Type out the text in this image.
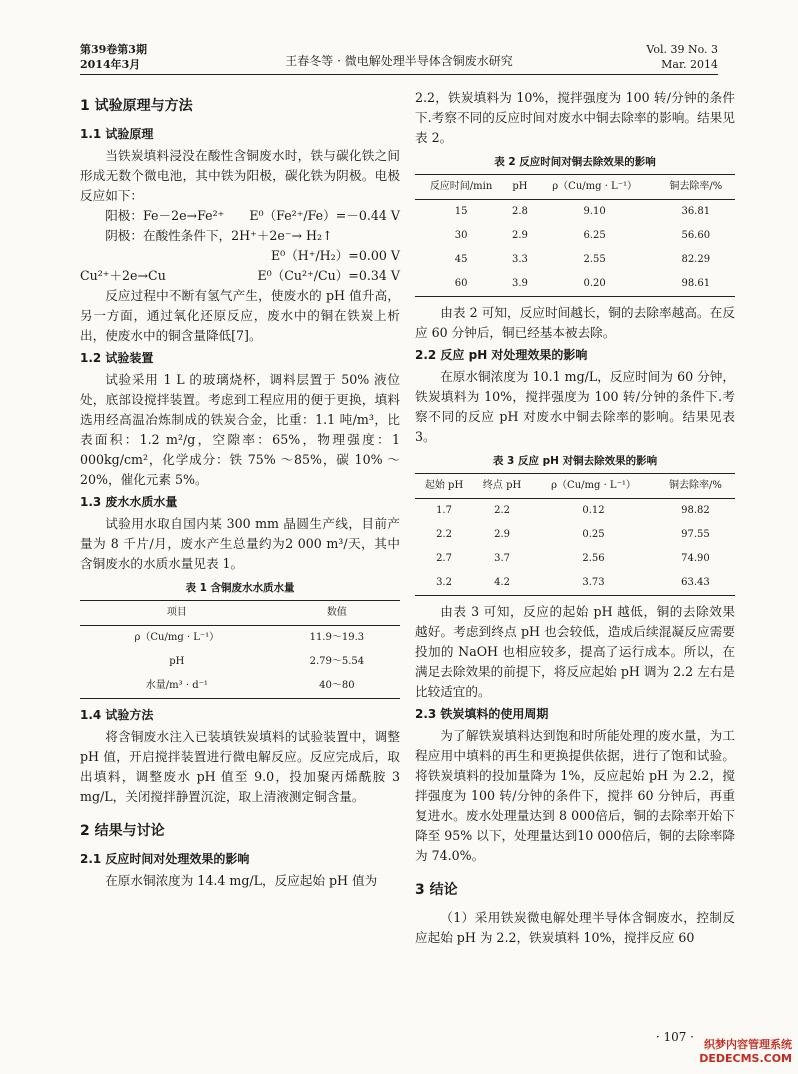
第39卷第3期
2014年3月	王春冬等 · 微电解处理半导体含铜废水研究
Vol. 39 No. 3
Mar. 2014
1 试验原理与方法
1.1 试验原理

当铁炭填料浸没在酸性含铜废水时，铁与碳化铁之间形成无数个微电池，其中铁为阳极，碳化铁为阴极。电极反应如下：

阳极：Fe－2e→Fe²⁺ E⁰（Fe²⁺/Fe）=－0.44 V
阴极：在酸性条件下，2H⁺＋2e⁻→ H₂↑
E⁰（H⁺/H₂）=0.00 V
Cu²⁺＋2e→Cu	E⁰（Cu²⁺/Cu）=0.34 V

反应过程中不断有氢气产生，使废水的 pH 值升高，另一方面，通过氧化还原反应，废水中的铜在铁炭上析出，使废水中的铜含量降低[7]。

1.2 试验装置

试验采用 1 L 的玻璃烧杯，调料层置于 50% 液位处，底部设搅拌装置。考虑到工程应用的便于更换，填料选用经高温冶炼制成的铁炭合金，比重：1.1 吨/m³，比表面积：1.2 m²/g，空隙率：65%，物理强度：1 000kg/cm²，化学成分：铁 75% ～85%，碳 10% ～20%，催化元素 5%。

1.3 废水水质水量

试验用水取自国内某 300 mm 晶圆生产线，目前产量为 8 千片/月，废水产生总量约为2 000 m³/天，其中含铜废水的水质水量见表 1。

表 1 含铜废水水质水量
项目	数值
ρ（Cu/mg · L⁻¹）	11.9～19.3
pH	2.79～5.54
水量/m³ · d⁻¹	40～80
1.4 试验方法

将含铜废水注入已装填铁炭填料的试验装置中，调整 pH 值，开启搅拌装置进行微电解反应。反应完成后，取出填料，调整废水 pH 值至 9.0，投加聚丙烯酰胺 3 mg/L，关闭搅拌静置沉淀，取上清液测定铜含量。

2 结果与讨论
2.1 反应时间对处理效果的影响

在原水铜浓度为 14.4 mg/L，反应起始 pH 值为

2.2，铁炭填料为 10%，搅拌强度为 100 转/分钟的条件下.考察不同的反应时间对废水中铜去除率的影响。结果见表 2。

表 2 反应时间对铜去除效果的影响
反应时间/min	pH	ρ（Cu/mg · L⁻¹）	铜去除率/%
15	2.8	9.10	36.81
30	2.9	6.25	56.60
45	3.3	2.55	82.29
60	3.9	0.20	98.61

由表 2 可知，反应时间越长，铜的去除率越高。在反应 60 分钟后，铜已经基本被去除。

2.2 反应 pH 对处理效果的影响

在原水铜浓度为 10.1 mg/L，反应时间为 60 分钟，铁炭填料为 10%，搅拌强度为 100 转/分钟的条件下.考察不同的反应 pH 对废水中铜去除率的影响。结果见表 3。

表 3 反应 pH 对铜去除效果的影响
起始 pH	终点 pH	ρ（Cu/mg · L⁻¹）	铜去除率/%
1.7	2.2	0.12	98.82
2.2	2.9	0.25	97.55
2.7	3.7	2.56	74.90
3.2	4.2	3.73	63.43

由表 3 可知，反应的起始 pH 越低，铜的去除效果越好。考虑到终点 pH 也会较低，造成后续混凝反应需要投加的 NaOH 也相应较多，提高了运行成本。所以，在满足去除效果的前提下，将反应起始 pH 调为 2.2 左右是比较适宜的。

2.3 铁炭填料的使用周期

为了解铁炭填料达到饱和时所能处理的废水量，为工程应用中填料的再生和更换提供依据，进行了饱和试验。将铁炭填料的投加量降为 1%，反应起始 pH 为 2.2，搅拌强度为 100 转/分钟的条件下，搅拌 60 分钟后，再重复进水。废水处理量达到 8 000倍后，铜的去除率开始下降至 95% 以下，处理量达到10 000倍后，铜的去除率降为 74.0%。

3 结论

（1）采用铁炭微电解处理半导体含铜废水，控制反应起始 pH 为 2.2，铁炭填料 10%，搅拌反应 60

· 107 ·
织梦内容管理系统
DEDECMS.COM
